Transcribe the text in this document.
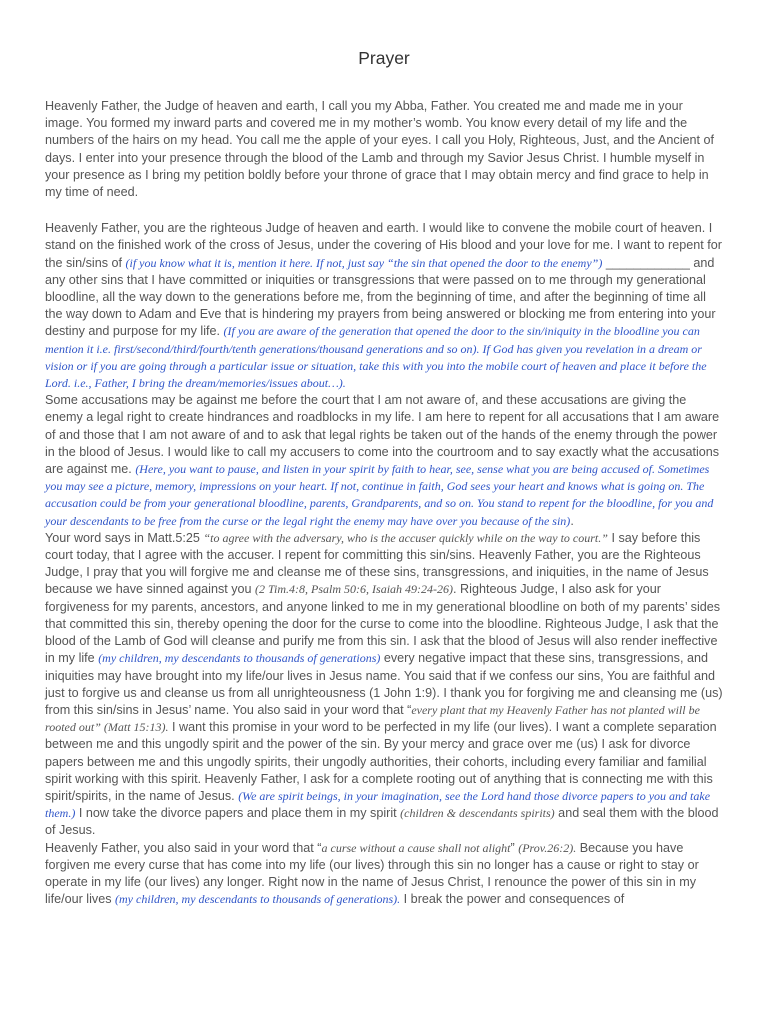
Prayer

Heavenly Father, the Judge of heaven and earth, I call you my Abba, Father. You created me and made me in your image. You formed my inward parts and covered me in my mother’s womb. You know every detail of my life and the numbers of the hairs on my head. You call me the apple of your eyes. I call you Holy, Righteous, Just, and the Ancient of days. I enter into your presence through the blood of the Lamb and through my Savior Jesus Christ. I humble myself in your presence as I bring my petition boldly before your throne of grace that I may obtain mercy and find grace to help in my time of need.

Heavenly Father, you are the righteous Judge of heaven and earth. I would like to convene the mobile court of heaven. I stand on the finished work of the cross of Jesus, under the covering of His blood and your love for me. I want to repent for the sin/sins of (if you know what it is, mention it here. If not, just say “the sin that opened the door to the enemy”) ____________ and any other sins that I have committed or iniquities or transgressions that were passed on to me through my generational bloodline, all the way down to the generations before me, from the beginning of time, and after the beginning of time all the way down to Adam and Eve that is hindering my prayers from being answered or blocking me from entering into your destiny and purpose for my life. (If you are aware of the generation that opened the door to the sin/iniquity in the bloodline you can mention it i.e. first/second/third/fourth/tenth generations/thousand generations and so on). If God has given you revelation in a dream or vision or if you are going through a particular issue or situation, take this with you into the mobile court of heaven and place it before the Lord. i.e., Father, I bring the dream/memories/issues about…).

Some accusations may be against me before the court that I am not aware of, and these accusations are giving the enemy a legal right to create hindrances and roadblocks in my life. I am here to repent for all accusations that I am aware of and those that I am not aware of and to ask that legal rights be taken out of the hands of the enemy through the power in the blood of Jesus. I would like to call my accusers to come into the courtroom and to say exactly what the accusations are against me. (Here, you want to pause, and listen in your spirit by faith to hear, see, sense what you are being accused of. Sometimes you may see a picture, memory, impressions on your heart. If not, continue in faith, God sees your heart and knows what is going on. The accusation could be from your generational bloodline, parents, Grandparents, and so on. You stand to repent for the bloodline, for you and your descendants to be free from the curse or the legal right the enemy may have over you because of the sin).

Your word says in Matt.5:25 “to agree with the adversary, who is the accuser quickly while on the way to court.” I say before this court today, that I agree with the accuser. I repent for committing this sin/sins. Heavenly Father, you are the Righteous Judge, I pray that you will forgive me and cleanse me of these sins, transgressions, and iniquities, in the name of Jesus because we have sinned against you (2 Tim.4:8, Psalm 50:6, Isaiah 49:24-26). Righteous Judge, I also ask for your forgiveness for my parents, ancestors, and anyone linked to me in my generational bloodline on both of my parents’ sides that committed this sin, thereby opening the door for the curse to come into the bloodline. Righteous Judge, I ask that the blood of the Lamb of God will cleanse and purify me from this sin. I ask that the blood of Jesus will also render ineffective in my life (my children, my descendants to thousands of generations) every negative impact that these sins, transgressions, and iniquities may have brought into my life/our lives in Jesus name. You said that if we confess our sins, You are faithful and just to forgive us and cleanse us from all unrighteousness (1 John 1:9). I thank you for forgiving me and cleansing me (us) from this sin/sins in Jesus’ name. You also said in your word that “every plant that my Heavenly Father has not planted will be rooted out” (Matt 15:13). I want this promise in your word to be perfected in my life (our lives). I want a complete separation between me and this ungodly spirit and the power of the sin. By your mercy and grace over me (us) I ask for divorce papers between me and this ungodly spirits, their ungodly authorities, their cohorts, including every familiar and familial spirit working with this spirit. Heavenly Father, I ask for a complete rooting out of anything that is connecting me with this spirit/spirits, in the name of Jesus. (We are spirit beings, in your imagination, see the Lord hand those divorce papers to you and take them.) I now take the divorce papers and place them in my spirit (children & descendants spirits) and seal them with the blood of Jesus.

Heavenly Father, you also said in your word that “a curse without a cause shall not alight” (Prov.26:2). Because you have forgiven me every curse that has come into my life (our lives) through this sin no longer has a cause or right to stay or operate in my life (our lives) any longer. Right now in the name of Jesus Christ, I renounce the power of this sin in my life/our lives (my children, my descendants to thousands of generations). I break the power and consequences of
